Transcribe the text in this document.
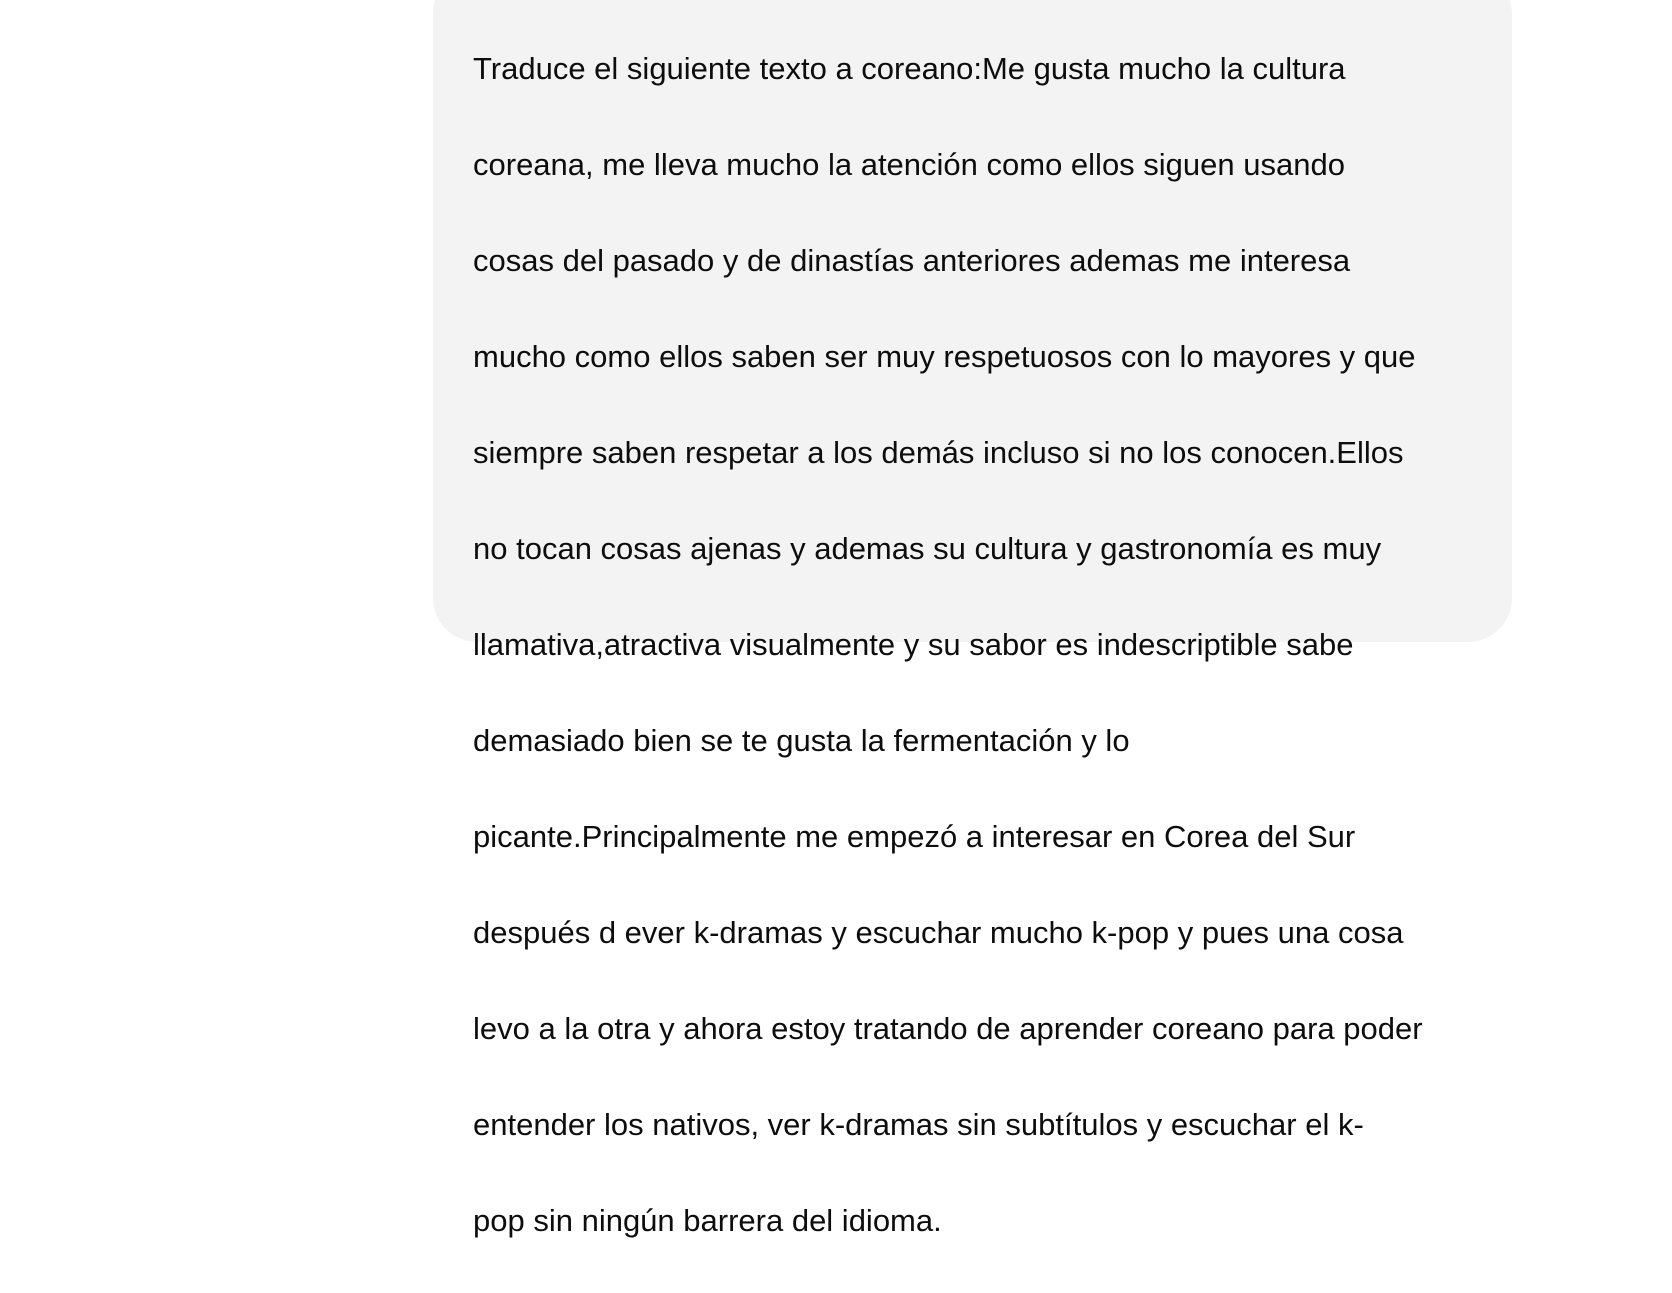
Traduce el siguiente texto a coreano:Me gusta mucho la cultura

coreana, me lleva mucho la atención como ellos siguen usando

cosas del pasado y de dinastías anteriores ademas me interesa

mucho como ellos saben ser muy respetuosos con lo mayores y que

siempre saben respetar a los demás incluso si no los conocen.Ellos

no tocan cosas ajenas y ademas su cultura y gastronomía es muy

llamativa,atractiva visualmente y su sabor es indescriptible sabe

demasiado bien se te gusta la fermentación y lo

picante.Principalmente me empezó a interesar en Corea del Sur

después d ever k-dramas y escuchar mucho k-pop y pues una cosa

levo a la otra y ahora estoy tratando de aprender coreano para poder

entender los nativos, ver k-dramas sin subtítulos y escuchar el k-

pop sin ningún barrera del idioma.
